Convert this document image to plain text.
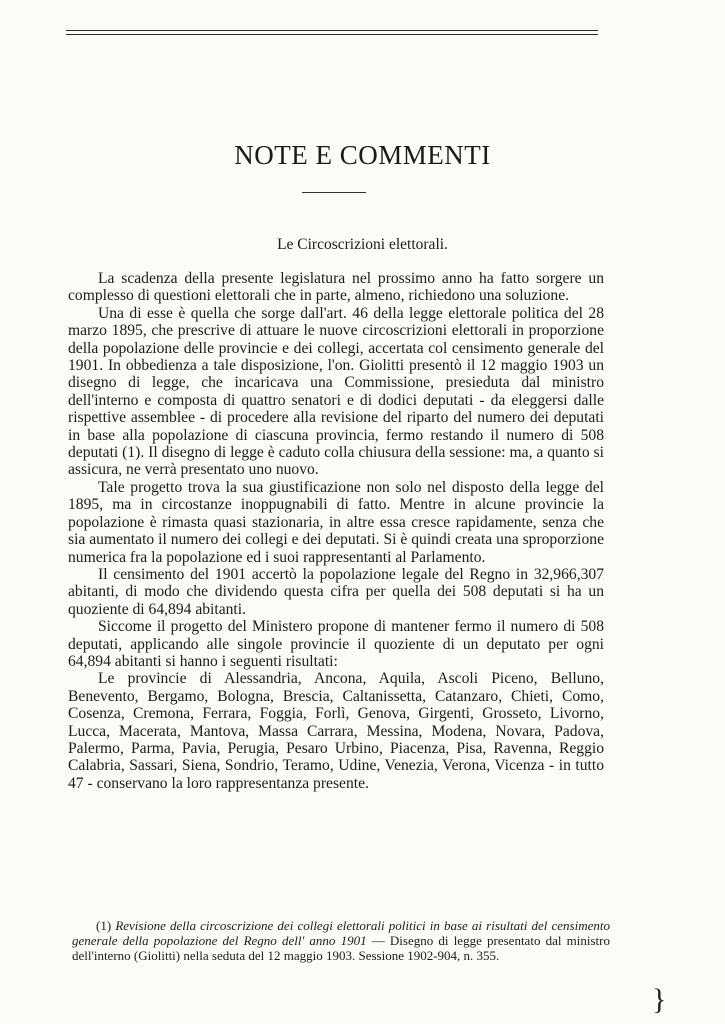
NOTE E COMMENTI
Le Circoscrizioni elettorali.

La scadenza della presente legislatura nel prossimo anno ha fatto sorgere un complesso di questioni elettorali che in parte, almeno, richiedono una soluzione.

Una di esse è quella che sorge dall'art. 46 della legge elettorale politica del 28 marzo 1895, che prescrive di attuare le nuove circoscrizioni elettorali in proporzione della popolazione delle provincie e dei collegi, accertata col censimento generale del 1901. In obbedienza a tale disposizione, l'on. Giolitti presentò il 12 maggio 1903 un disegno di legge, che incaricava una Commissione, presieduta dal ministro dell'interno e composta di quattro senatori e di dodici deputati - da eleggersi dalle rispettive assemblee - di procedere alla revisione del riparto del numero dei deputati in base alla popolazione di ciascuna provincia, fermo restando il numero di 508 deputati (1). Il disegno di legge è caduto colla chiusura della sessione: ma, a quanto si assicura, ne verrà presentato uno nuovo.

Tale progetto trova la sua giustificazione non solo nel disposto della legge del 1895, ma in circostanze inoppugnabili di fatto. Mentre in alcune provincie la popolazione è rimasta quasi stazionaria, in altre essa cresce rapidamente, senza che sia aumentato il numero dei collegi e dei deputati. Si è quindi creata una sproporzione numerica fra la popolazione ed i suoi rappresentanti al Parlamento.

Il censimento del 1901 accertò la popolazione legale del Regno in 32,966,307 abitanti, di modo che dividendo questa cifra per quella dei 508 deputati si ha un quoziente di 64,894 abitanti.

Siccome il progetto del Ministero propone di mantener fermo il numero di 508 deputati, applicando alle singole provincie il quoziente di un deputato per ogni 64,894 abitanti si hanno i seguenti risultati:

Le provincie di Alessandria, Ancona, Aquila, Ascoli Piceno, Belluno, Benevento, Bergamo, Bologna, Brescia, Caltanissetta, Catanzaro, Chieti, Como, Cosenza, Cremona, Ferrara, Foggia, Forlì, Genova, Girgenti, Grosseto, Livorno, Lucca, Macerata, Mantova, Massa Carrara, Messina, Modena, Novara, Padova, Palermo, Parma, Pavia, Perugia, Pesaro Urbino, Piacenza, Pisa, Ravenna, Reggio Calabria, Sassari, Siena, Sondrio, Teramo, Udine, Venezia, Verona, Vicenza - in tutto 47 - conservano la loro rappresentanza presente.

(1) Revisione della circoscrizione dei collegi elettorali politici in base ai risultati del censimento generale della popolazione del Regno dell' anno 1901 — Disegno di legge presentato dal ministro dell'interno (Giolitti) nella seduta del 12 maggio 1903. Sessione 1902-904, n. 355.

}
